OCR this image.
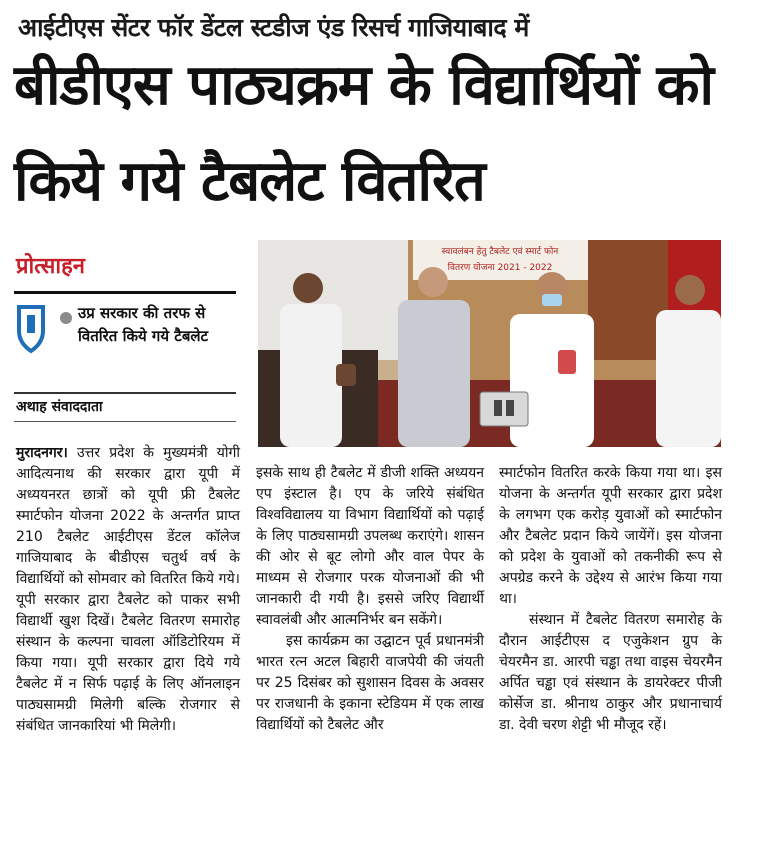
आईटीएस सेंटर फॉर डेंटल स्टडीज एंड रिसर्च गाजियाबाद में
बीडीएस पाठ्यक्रम के विद्यार्थियों को
किये गये टैबलेट वितरित
प्रोत्साहन
उप्र सरकार की तरफ से वितरित किये गये टैबलेट
अथाह संवाददाता
स्वावलंबन हेतु टैबलेट एवं स्मार्ट फोन
वितरण योजना 2021 - 2022

मुरादनगर। उत्तर प्रदेश के मुख्यमंत्री योगी आदित्यनाथ की सरकार द्वारा यूपी में अध्ययनरत छात्रों को यूपी फ्री टैबलेट स्मार्टफोन योजना 2022 के अन्तर्गत प्राप्त 210 टैबलेट आईटीएस डेंटल कॉलेज गाजियाबाद के बीडीएस चतुर्थ वर्ष के विद्यार्थियों को सोमवार को वितरित किये गये। यूपी सरकार द्वारा टैबलेट को पाकर सभी विद्यार्थी खुश दिखें। टैबलेट वितरण समारोह संस्थान के कल्पना चावला ऑडिटोरियम में किया गया। यूपी सरकार द्वारा दिये गये टैबलेट में न सिर्फ पढ़ाई के लिए ऑनलाइन पाठ्यसामग्री मिलेगी बल्कि रोजगार से संबंधित जानकारियां भी मिलेगी।

इसके साथ ही टैबलेट में डीजी शक्ति अध्ययन एप इंस्टाल है। एप के जरिये संबंधित विश्वविद्यालय या विभाग विद्यार्थियों को पढ़ाई के लिए पाठ्यसामग्री उपलब्ध कराएंगे। शासन की ओर से बूट लोगो और वाल पेपर के माध्यम से रोजगार परक योजनाओं की भी जानकारी दी गयी है। इससे जरिए विद्यार्थी स्वावलंबी और आत्मनिर्भर बन सकेंगे।

इस कार्यक्रम का उद्घाटन पूर्व प्रधानमंत्री भारत रत्न अटल बिहारी वाजपेयी की जंयती पर 25 दिसंबर को सुशासन दिवस के अवसर पर राजधानी के इकाना स्टेडियम में एक लाख विद्यार्थियों को टैबलेट और

स्मार्टफोन वितरित करके किया गया था। इस योजना के अन्तर्गत यूपी सरकार द्वारा प्रदेश के लगभग एक करोड़ युवाओं को स्मार्टफोन और टैबलेट प्रदान किये जायेंगें। इस योजना को प्रदेश के युवाओं को तकनीकी रूप से अपग्रेड करने के उद्देश्य से आरंभ किया गया था।

संस्थान में टैबलेट वितरण समारोह के दौरान आईटीएस द एजुकेशन ग्रुप के चेयरमैन डा. आरपी चड्ढा तथा वाइस चेयरमैन अर्पित चड्ढा एवं संस्थान के डायरेक्टर पीजी कोर्सेज डा. श्रीनाथ ठाकुर और प्रधानाचार्य डा. देवी चरण शेट्टी भी मौजूद रहें।
